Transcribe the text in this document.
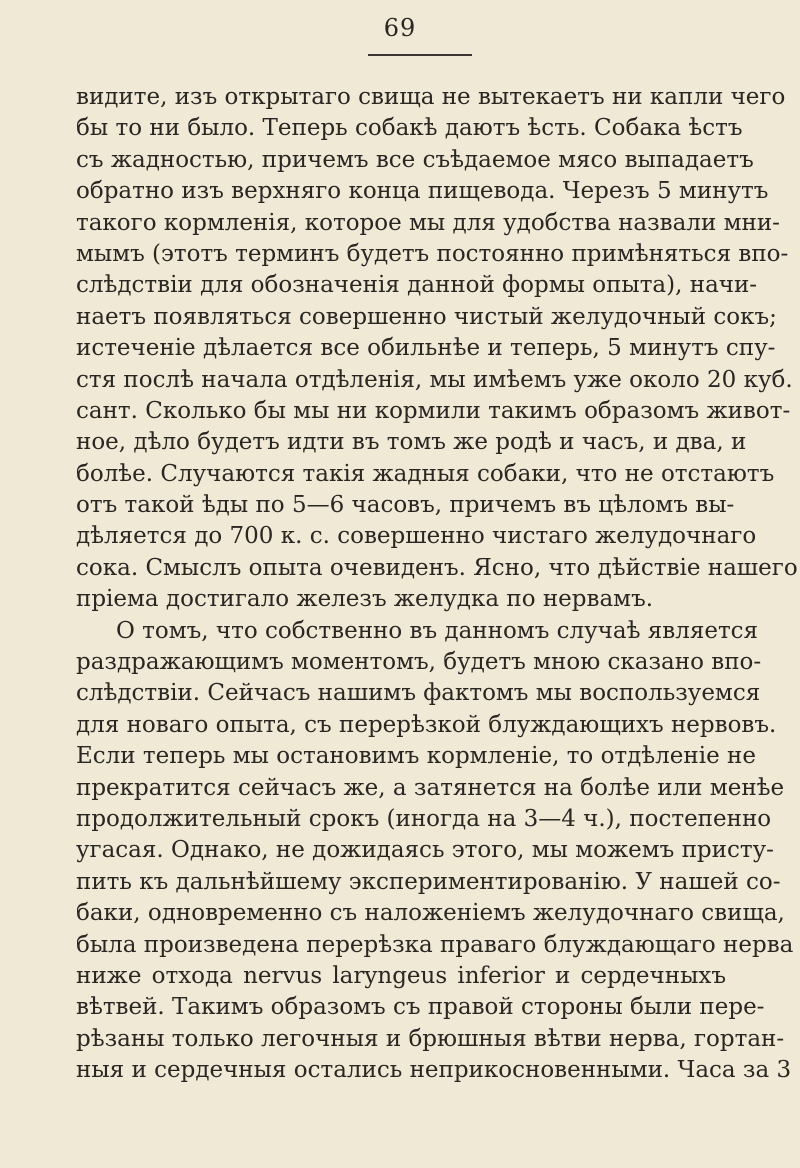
69
видите, изъ открытаго свища не вытекаетъ ни капли чего
бы то ни было. Теперь собакѣ даютъ ѣсть. Собака ѣстъ
съ жадностью, причемъ все съѣдаемое мясо выпадаетъ
обратно изъ верхняго конца пищевода. Черезъ 5 минутъ
такого кормленія, которое мы для удобства назвали мни-
мымъ (этотъ терминъ будетъ постоянно примѣняться впо-
слѣдствіи для обозначенія данной формы опыта), начи-
наетъ появляться совершенно чистый желудочный сокъ;
истеченіе дѣлается все обильнѣе и теперь, 5 минутъ спу-
стя послѣ начала отдѣленія, мы имѣемъ уже около 20 куб.
сант. Сколько бы мы ни кормили такимъ образомъ живот-
ное, дѣло будетъ идти въ томъ же родѣ и часъ, и два, и
болѣе. Случаются такія жадныя собаки, что не отстаютъ
отъ такой ѣды по 5—6 часовъ, причемъ въ цѣломъ вы-
дѣляется до 700 к. с. совершенно чистаго желудочнаго
сока. Смыслъ опыта очевиденъ. Ясно, что дѣйствіе нашего
пріема достигало железъ желудка по нервамъ.
О томъ, что собственно въ данномъ случаѣ является
раздражающимъ моментомъ, будетъ мною сказано впо-
слѣдствіи. Сейчасъ нашимъ фактомъ мы воспользуемся
для новаго опыта, съ перерѣзкой блуждающихъ нервовъ.
Если теперь мы остановимъ кормленіе, то отдѣленіе не
прекратится сейчасъ же, а затянется на болѣе или менѣе
продолжительный срокъ (иногда на 3—4 ч.), постепенно
угасая. Однако, не дожидаясь этого, мы можемъ присту-
пить къ дальнѣйшему экспериментированію. У нашей со-
баки, одновременно съ наложеніемъ желудочнаго свища,
была произведена перерѣзка праваго блуждающаго нерва
ниже отхода nervus laryngeus inferior и сердечныхъ
вѣтвей. Такимъ образомъ съ правой стороны были пере-
рѣзаны только легочныя и брюшныя вѣтви нерва, гортан-
ныя и сердечныя остались неприкосновенными. Часа за 3
